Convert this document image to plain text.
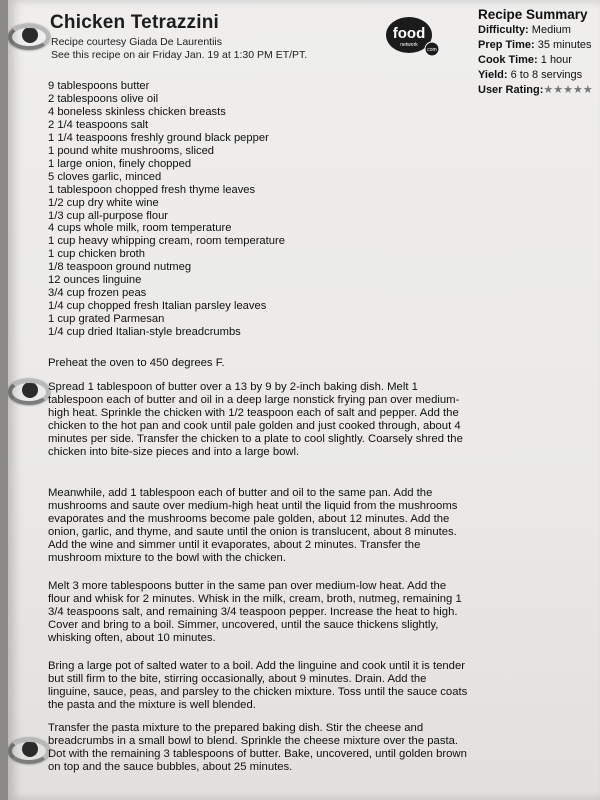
Chicken Tetrazzini
Recipe courtesy Giada De Laurentiis
See this recipe on air Friday Jan. 19 at 1:30 PM ET/PT.
food
network
com
Recipe Summary
Difficulty: Medium
Prep Time: 35 minutes
Cook Time: 1 hour
Yield: 6 to 8 servings
User Rating:★★★★★
9 tablespoons butter
2 tablespoons olive oil
4 boneless skinless chicken breasts
2 1/4 teaspoons salt
1 1/4 teaspoons freshly ground black pepper
1 pound white mushrooms, sliced
1 large onion, finely chopped
5 cloves garlic, minced
1 tablespoon chopped fresh thyme leaves
1/2 cup dry white wine
1/3 cup all-purpose flour
4 cups whole milk, room temperature
1 cup heavy whipping cream, room temperature
1 cup chicken broth
1/8 teaspoon ground nutmeg
12 ounces linguine
3/4 cup frozen peas
1/4 cup chopped fresh Italian parsley leaves
1 cup grated Parmesan
1/4 cup dried Italian-style breadcrumbs

Preheat the oven to 450 degrees F.

Spread 1 tablespoon of butter over a 13 by 9 by 2-inch baking dish. Melt 1 tablespoon each of butter and oil in a deep large nonstick frying pan over medium-high heat. Sprinkle the chicken with 1/2 teaspoon each of salt and pepper. Add the chicken to the hot pan and cook until pale golden and just cooked through, about 4 minutes per side. Transfer the chicken to a plate to cool slightly. Coarsely shred the chicken into bite-size pieces and into a large bowl.

Meanwhile, add 1 tablespoon each of butter and oil to the same pan. Add the mushrooms and saute over medium-high heat until the liquid from the mushrooms evaporates and the mushrooms become pale golden, about 12 minutes. Add the onion, garlic, and thyme, and saute until the onion is translucent, about 8 minutes. Add the wine and simmer until it evaporates, about 2 minutes. Transfer the mushroom mixture to the bowl with the chicken.

Melt 3 more tablespoons butter in the same pan over medium-low heat. Add the flour and whisk for 2 minutes. Whisk in the milk, cream, broth, nutmeg, remaining 1 3/4 teaspoons salt, and remaining 3/4 teaspoon pepper. Increase the heat to high. Cover and bring to a boil. Simmer, uncovered, until the sauce thickens slightly, whisking often, about 10 minutes.

Bring a large pot of salted water to a boil. Add the linguine and cook until it is tender but still firm to the bite, stirring occasionally, about 9 minutes. Drain. Add the linguine, sauce, peas, and parsley to the chicken mixture. Toss until the sauce coats the pasta and the mixture is well blended.

Transfer the pasta mixture to the prepared baking dish. Stir the cheese and breadcrumbs in a small bowl to blend. Sprinkle the cheese mixture over the pasta. Dot with the remaining 3 tablespoons of butter. Bake, uncovered, until golden brown on top and the sauce bubbles, about 25 minutes.
